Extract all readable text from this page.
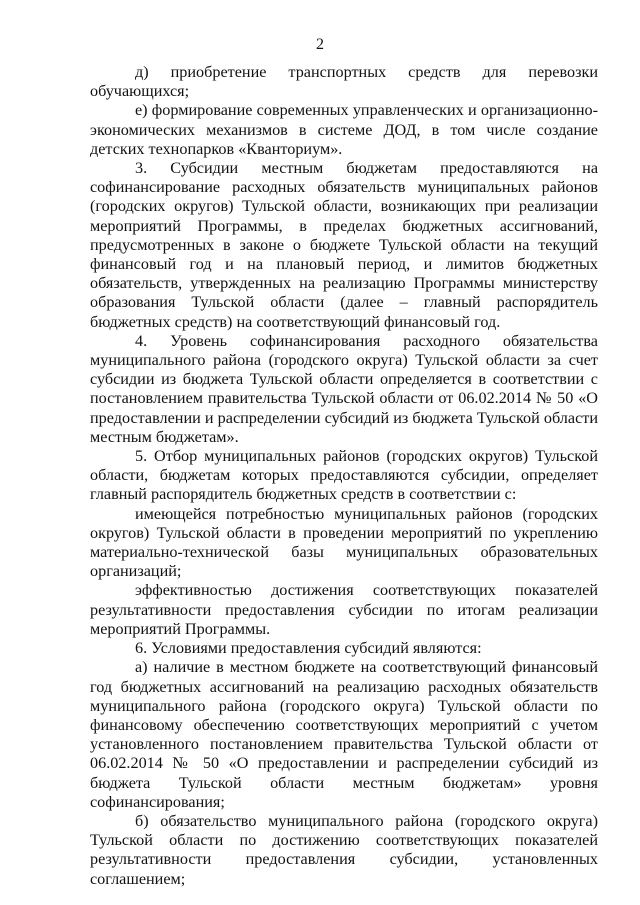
2

д) приобретение транспортных средств для перевозки обучающихся;

е) формирование современных управленческих и организационно-экономических механизмов в системе ДОД, в том числе создание детских технопарков «Кванториум».

3. Субсидии местным бюджетам предоставляются на софинансирование расходных обязательств муниципальных районов (городских округов) Тульской области, возникающих при реализации мероприятий Программы, в пределах бюджетных ассигнований, предусмотренных в законе о бюджете Тульской области на текущий финансовый год и на плановый период, и лимитов бюджетных обязательств, утвержденных на реализацию Программы министерству образования Тульской области (далее – главный распорядитель бюджетных средств) на соответствующий финансовый год.

4. Уровень софинансирования расходного обязательства муниципального района (городского округа) Тульской области за счет субсидии из бюджета Тульской области определяется в соответствии с постановлением правительства Тульской области от 06.02.2014 № 50 «О предоставлении и распределении субсидий из бюджета Тульской области местным бюджетам».

5. Отбор муниципальных районов (городских округов) Тульской области, бюджетам которых предоставляются субсидии, определяет главный распорядитель бюджетных средств в соответствии с:

имеющейся потребностью муниципальных районов (городских округов) Тульской области в проведении мероприятий по укреплению материально-технической базы муниципальных образовательных организаций;

эффективностью достижения соответствующих показателей результативности предоставления субсидии по итогам реализации мероприятий Программы.

6. Условиями предоставления субсидий являются:

а) наличие в местном бюджете на соответствующий финансовый год бюджетных ассигнований на реализацию расходных обязательств муниципального района (городского округа) Тульской области по финансовому обеспечению соответствующих мероприятий с учетом установленного постановлением правительства Тульской области от 06.02.2014 № 50 «О предоставлении и распределении субсидий из бюджета Тульской области местным бюджетам» уровня софинансирования;

б) обязательство муниципального района (городского округа) Тульской области по достижению соответствующих показателей результативности предоставления субсидии, установленных соглашением;
